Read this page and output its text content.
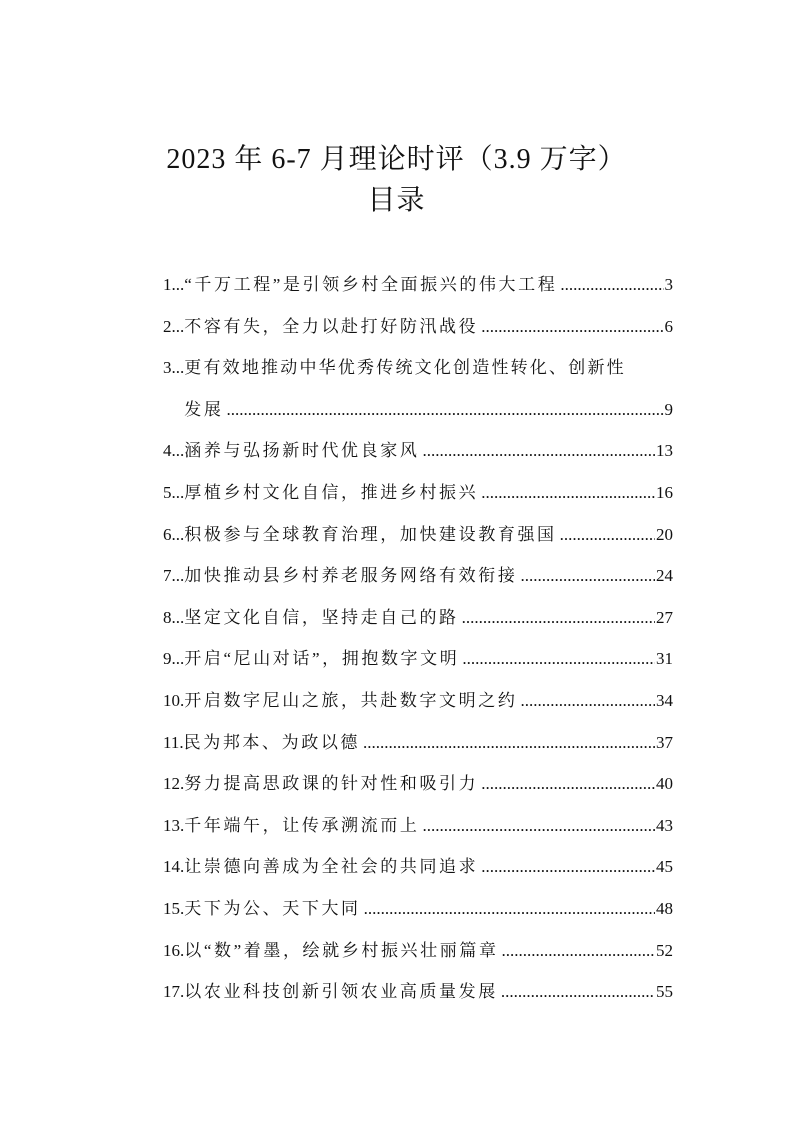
2023 年 6-7 月理论时评（3.9 万字）
目录
1... “千万工程”是引领乡村全面振兴的伟大工程 .....	3
2... 不容有失，全力以赴打好防汛战役 .....	6
3... 更有效地推动中华优秀传统文化创造性转化、创新性
发展 .....	9
4... 涵养与弘扬新时代优良家风 .....	13
5... 厚植乡村文化自信，推进乡村振兴 .....	16
6... 积极参与全球教育治理，加快建设教育强国 .....	20
7... 加快推动县乡村养老服务网络有效衔接 .....	24
8... 坚定文化自信，坚持走自己的路 .....	27
9... 开启“尼山对话”，拥抱数字文明 .....	31
10. 开启数字尼山之旅，共赴数字文明之约 .....	34
11. 民为邦本、为政以德 .....	37
12. 努力提高思政课的针对性和吸引力 .....	40
13. 千年端午，让传承溯流而上 .....	43
14. 让崇德向善成为全社会的共同追求 .....	45
15. 天下为公、天下大同 .....	48
16. 以“数”着墨，绘就乡村振兴壮丽篇章 .....	52
17. 以农业科技创新引领农业高质量发展 .....	55
